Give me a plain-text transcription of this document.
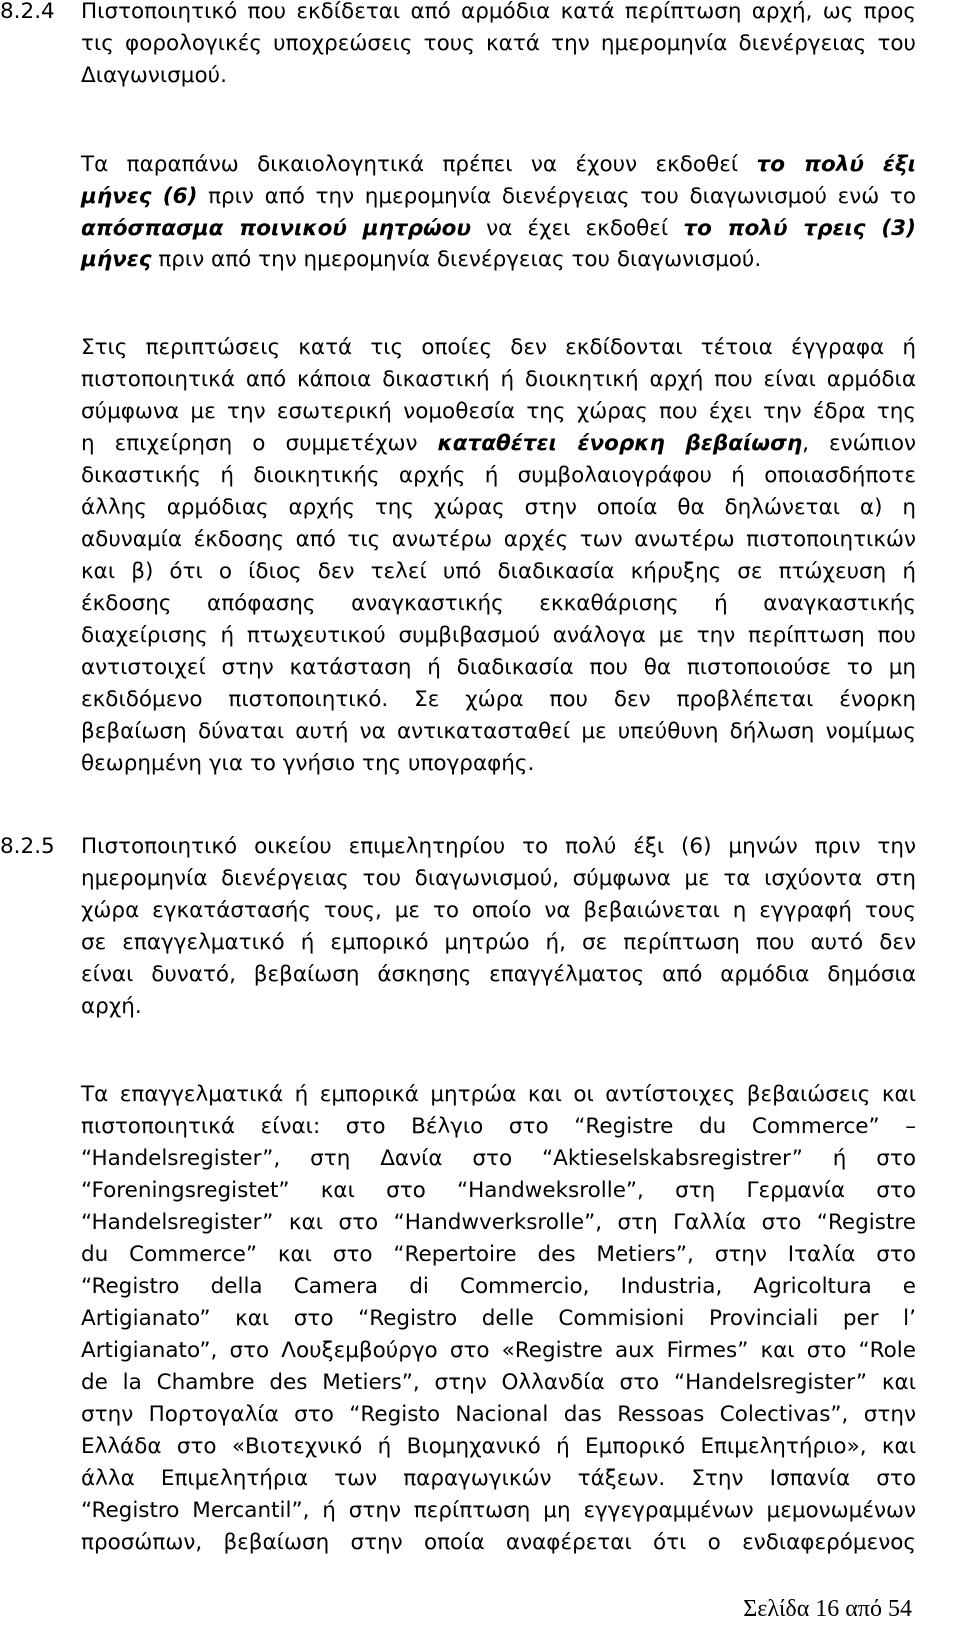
8.2.4 Πιστοποιητικό που εκδίδεται από αρμόδια κατά περίπτωση αρχή, ως προς
τις φορολογικές υποχρεώσεις τους κατά την ημερομηνία διενέργειας του
Διαγωνισμού.
Τα παραπάνω δικαιολογητικά πρέπει να έχουν εκδοθεί το πολύ έξι
μήνες (6) πριν από την ημερομηνία διενέργειας του διαγωνισμού ενώ το
απόσπασμα ποινικού μητρώου να έχει εκδοθεί το πολύ τρεις (3)
μήνες πριν από την ημερομηνία διενέργειας του διαγωνισμού.
Στις περιπτώσεις κατά τις οποίες δεν εκδίδονται τέτοια έγγραφα ή
πιστοποιητικά από κάποια δικαστική ή διοικητική αρχή που είναι αρμόδια
σύμφωνα με την εσωτερική νομοθεσία της χώρας που έχει την έδρα της
η επιχείρηση ο συμμετέχων καταθέτει ένορκη βεβαίωση, ενώπιον
δικαστικής ή διοικητικής αρχής ή συμβολαιογράφου ή οποιασδήποτε
άλλης αρμόδιας αρχής της χώρας στην οποία θα δηλώνεται α) η
αδυναμία έκδοσης από τις ανωτέρω αρχές των ανωτέρω πιστοποιητικών
και β) ότι ο ίδιος δεν τελεί υπό διαδικασία κήρυξης σε πτώχευση ή
έκδοσης απόφασης αναγκαστικής εκκαθάρισης ή αναγκαστικής
διαχείρισης ή πτωχευτικού συμβιβασμού ανάλογα με την περίπτωση που
αντιστοιχεί στην κατάσταση ή διαδικασία που θα πιστοποιούσε το μη
εκδιδόμενο πιστοποιητικό. Σε χώρα που δεν προβλέπεται ένορκη
βεβαίωση δύναται αυτή να αντικατασταθεί με υπεύθυνη δήλωση νομίμως
θεωρημένη για το γνήσιο της υπογραφής.
8.2.5 Πιστοποιητικό οικείου επιμελητηρίου το πολύ έξι (6) μηνών πριν την
ημερομηνία διενέργειας του διαγωνισμού, σύμφωνα με τα ισχύοντα στη
χώρα εγκατάστασής τους, με το οποίο να βεβαιώνεται η εγγραφή τους
σε επαγγελματικό ή εμπορικό μητρώο ή, σε περίπτωση που αυτό δεν
είναι δυνατό, βεβαίωση άσκησης επαγγέλματος από αρμόδια δημόσια
αρχή.
Τα επαγγελματικά ή εμπορικά μητρώα και οι αντίστοιχες βεβαιώσεις και
πιστοποιητικά είναι: στο Βέλγιο στο “Registre du Commerce” –
“Handelsregister”, στη Δανία στο “Aktieselskabsregistrer” ή στο
“Foreningsregistet” και στο “Handweksrolle”, στη Γερμανία στο
“Handelsregister” και στο “Handwverksrolle”, στη Γαλλία στο “Registre
du Commerce” και στο “Repertoire des Metiers”, στην Ιταλία στο
“Registro della Camera di Commercio, Industria, Agricoltura e
Artigianato” και στο “Registro delle Commisioni Provinciali per l’
Artigianato”, στο Λουξεμβούργο στο «Registre aux Firmes” και στο “Role
de la Chambre des Metiers”, στην Ολλανδία στο “Handelsregister” και
στην Πορτογαλία στο “Registo Nacional das Ressoas Colectivas”, στην
Ελλάδα στο «Βιοτεχνικό ή Βιομηχανικό ή Εμπορικό Επιμελητήριο», και
άλλα Επιμελητήρια των παραγωγικών τάξεων. Στην Ισπανία στο
“Registro Mercantil”, ή στην περίπτωση μη εγγεγραμμένων μεμονωμένων
προσώπων, βεβαίωση στην οποία αναφέρεται ότι ο ενδιαφερόμενος
Σελίδα 16 από 54
